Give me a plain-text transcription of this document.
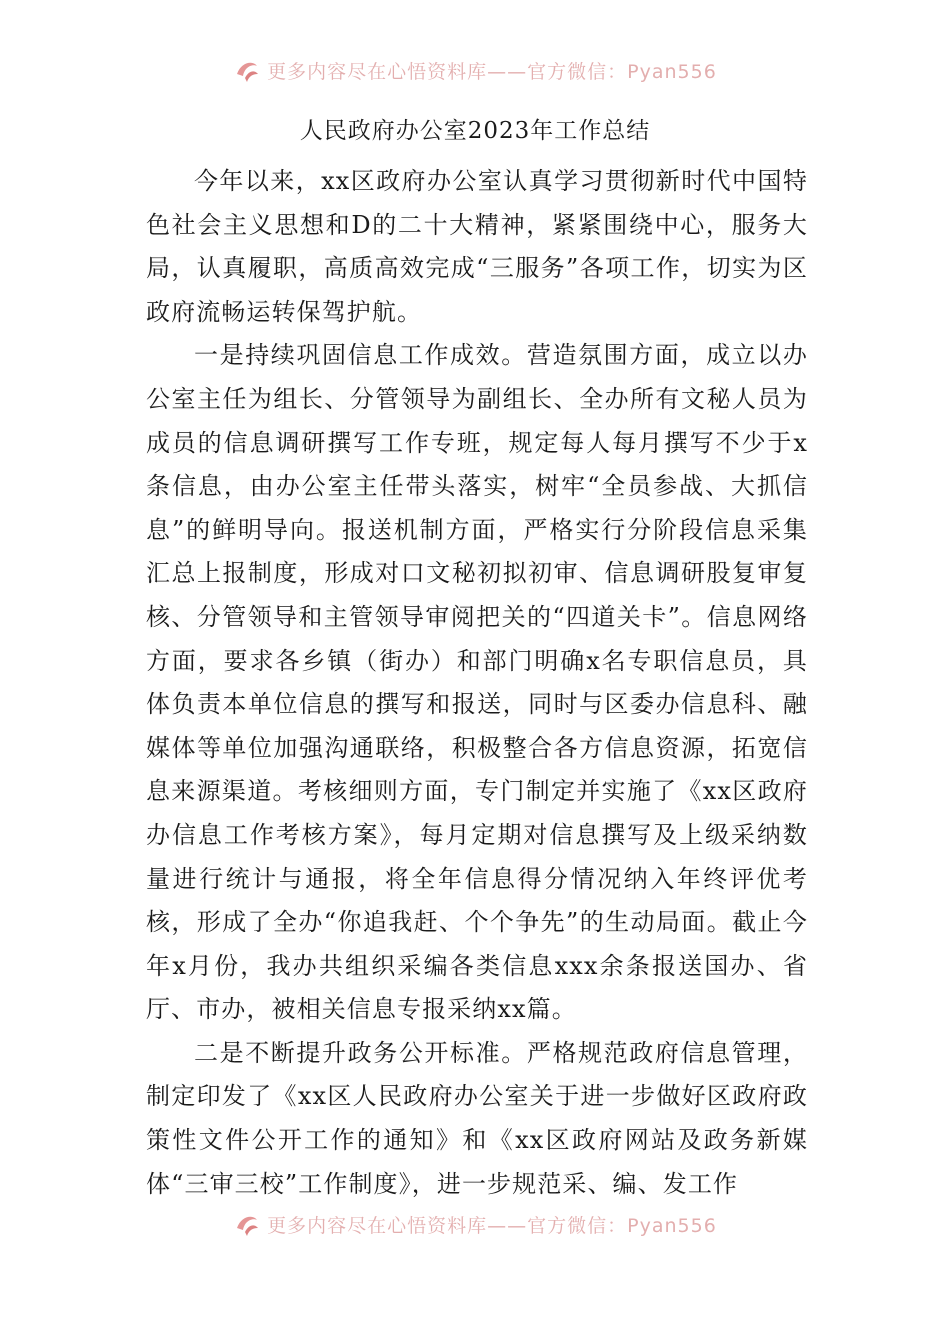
更多内容尽在心悟资料库——官方微信：Pyan556
人民政府办公室2023年工作总结

今年以来，xx区政府办公室认真学习贯彻新时代中国特色社会主义思想和D的二十大精神，紧紧围绕中心，服务大局，认真履职，高质高效完成“三服务”各项工作，切实为区政府流畅运转保驾护航。

一是持续巩固信息工作成效。营造氛围方面，成立以办公室主任为组长、分管领导为副组长、全办所有文秘人员为成员的信息调研撰写工作专班，规定每人每月撰写不少于x条信息，由办公室主任带头落实，树牢“全员参战、大抓信息”的鲜明导向。报送机制方面，严格实行分阶段信息采集汇总上报制度，形成对口文秘初拟初审、信息调研股复审复核、分管领导和主管领导审阅把关的“四道关卡”。信息网络方面，要求各乡镇（街办）和部门明确x名专职信息员，具体负责本单位信息的撰写和报送，同时与区委办信息科、融媒体等单位加强沟通联络，积极整合各方信息资源，拓宽信息来源渠道。考核细则方面，专门制定并实施了《xx区政府办信息工作考核方案》，每月定期对信息撰写及上级采纳数量进行统计与通报，将全年信息得分情况纳入年终评优考核，形成了全办“你追我赶、个个争先”的生动局面。截止今年x月份，我办共组织采编各类信息xxx余条报送国办、省厅、市办，被相关信息专报采纳xx篇。

二是不断提升政务公开标准。严格规范政府信息管理，制定印发了《xx区人民政府办公室关于进一步做好区政府政策性文件公开工作的通知》和《xx区政府网站及政务新媒体“三审三校”工作制度》，进一步规范采、编、发工作

更多内容尽在心悟资料库——官方微信：Pyan556
